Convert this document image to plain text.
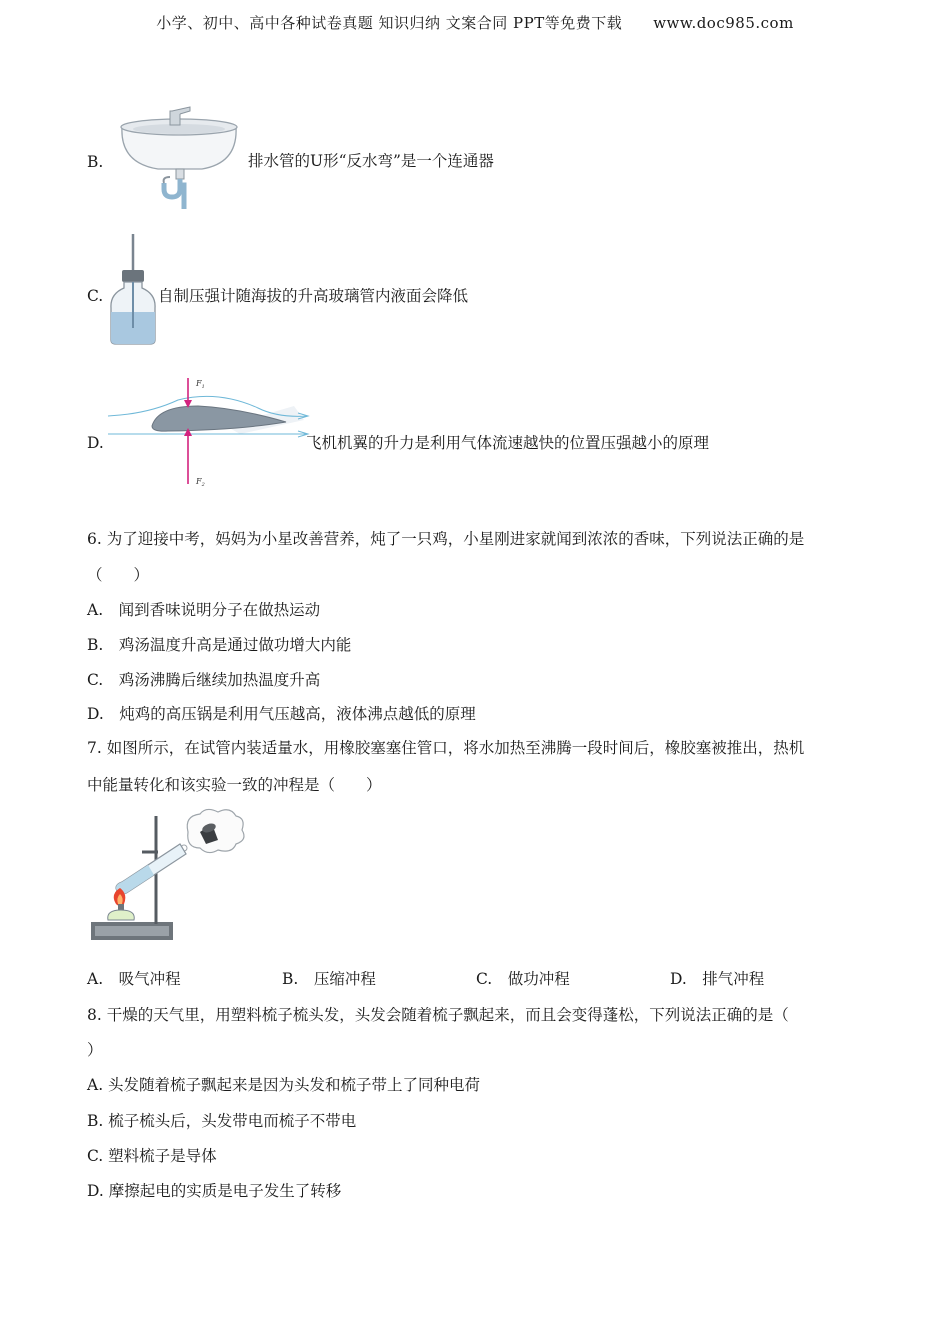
小学、初中、高中各种试卷真题 知识归纳 文案合同 PPT等免费下载　　www.doc985.com
B.	排水管的U形“反水弯”是一个连通器
C.	自制压强计随海拔的升高玻璃管内液面会降低
D.
$F_1$
$F_2$
飞机机翼的升力是利用气体流速越快的位置压强越小的原理
6. 为了迎接中考，妈妈为小星改善营养，炖了一只鸡，小星刚进家就闻到浓浓的香味，下列说法正确的是
（　　）
A.　闻到香味说明分子在做热运动
B.　鸡汤温度升高是通过做功增大内能
C.　鸡汤沸腾后继续加热温度升高
D.　炖鸡的高压锅是利用气压越高，液体沸点越低的原理
7. 如图所示，在试管内装适量水，用橡胶塞塞住管口，将水加热至沸腾一段时间后，橡胶塞被推出，热机
中能量转化和该实验一致的冲程是（　　）
A.　吸气冲程	B.　压缩冲程	C.　做功冲程	D.　排气冲程
8. 干燥的天气里，用塑料梳子梳头发，头发会随着梳子飘起来，而且会变得蓬松，下列说法正确的是（
）
A. 头发随着梳子飘起来是因为头发和梳子带上了同种电荷
B. 梳子梳头后，头发带电而梳子不带电
C. 塑料梳子是导体
D. 摩擦起电的实质是电子发生了转移
